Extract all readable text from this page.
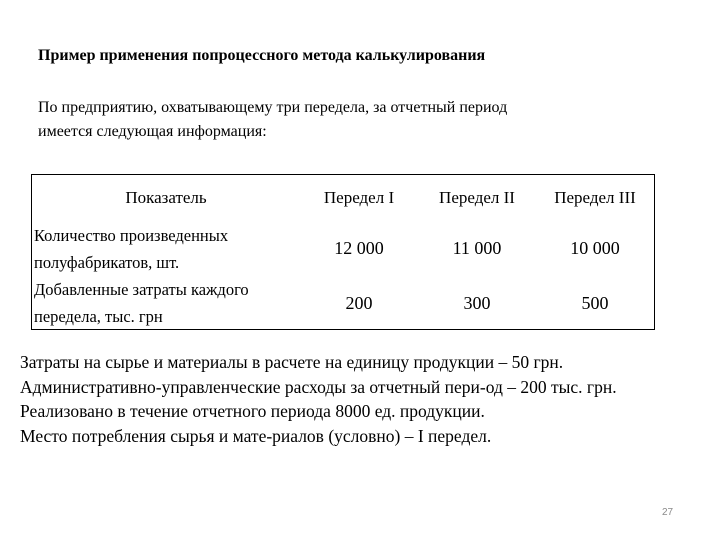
Пример применения попроцессного метода калькулирования
По предприятию, охватывающему три передела, за отчетный период
имеется следующая информация:
Показатель	Передел I	Передел II	Передел III

Количество произведенных
полуфабрикатов, шт.	12 000	11 000	10 000

Добавленные затраты каждого
передела, тыс. грн	200	300	500
Затраты на сырье и материалы в расчете на единицу продукции – 50 грн.
Административно-управленческие расходы за отчетный пери-од – 200 тыс. грн.
Реализовано в течение отчетного периода 8000 ед. продукции.
Место потребления сырья и мате-риалов (условно) – I передел.
27
